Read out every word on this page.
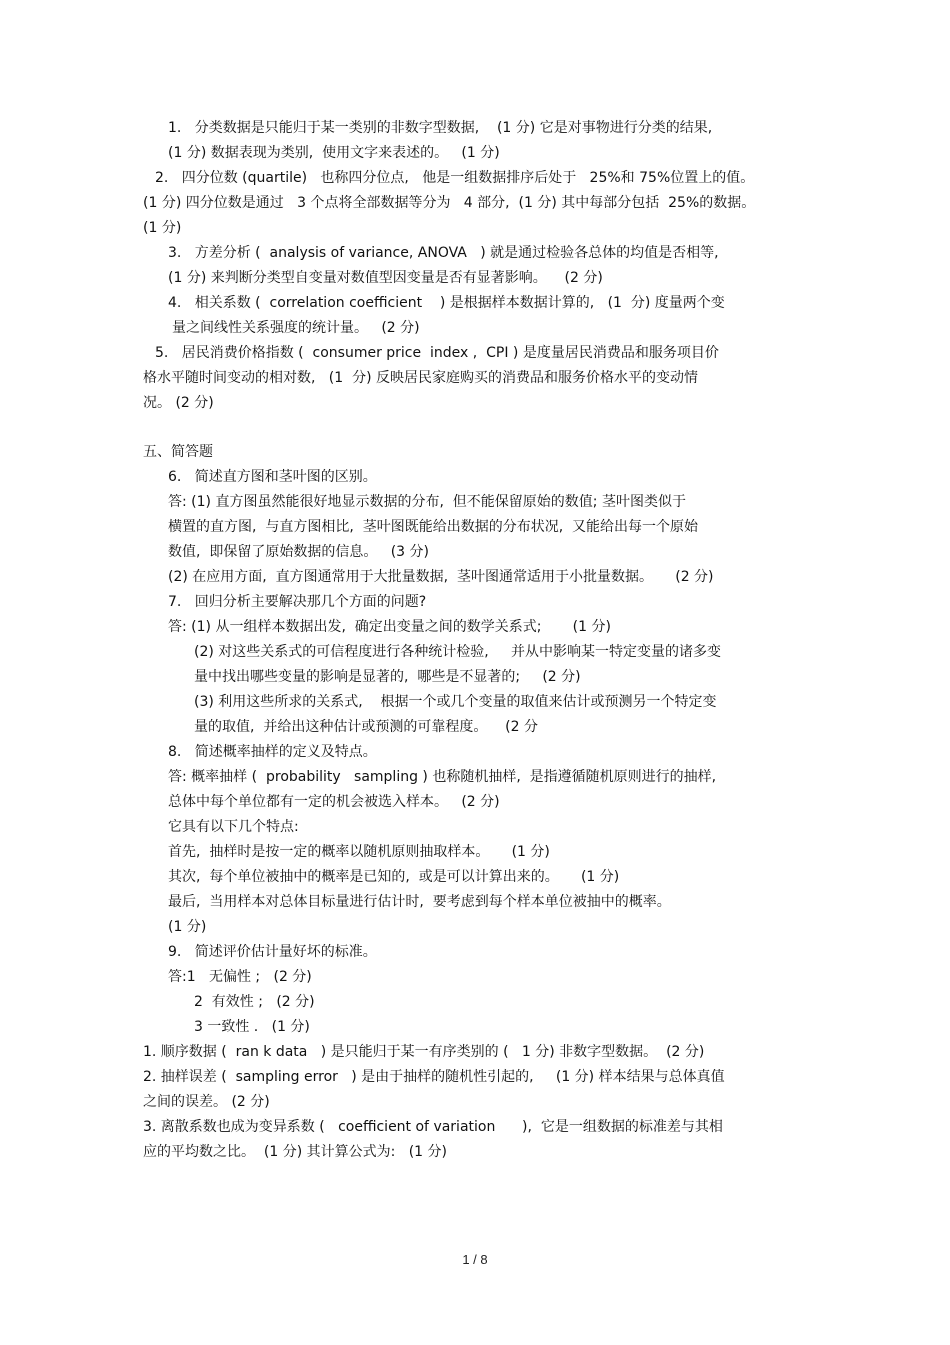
1.   分类数据是只能归于某一类别的非数字型数据,    (1 分) 它是对事物进行分类的结果,
(1 分) 数据表现为类别,  使用文字来表述的。   (1 分)
2.   四分位数 (quartile)   也称四分位点,   他是一组数据排序后处于   25%和 75%位置上的值。
(1 分) 四分位数是通过   3 个点将全部数据等分为   4 部分,  (1 分) 其中每部分包括  25%的数据。
(1 分)
3.   方差分析 (  analysis of variance, ANOVA   ) 就是通过检验各总体的均值是否相等,
(1 分) 来判断分类型自变量对数值型因变量是否有显著影响。    (2 分)
4.   相关系数 (  correlation coefficient    ) 是根据样本数据计算的,   (1  分) 度量两个变
量之间线性关系强度的统计量。   (2 分)
5.   居民消费价格指数 (  consumer price  index ,  CPI ) 是度量居民消费品和服务项目价
格水平随时间变动的相对数,   (1  分) 反映居民家庭购买的消费品和服务价格水平的变动情
况。 (2 分)
五、简答题
6.   简述直方图和茎叶图的区别。
答: (1) 直方图虽然能很好地显示数据的分布,  但不能保留原始的数值; 茎叶图类似于
横置的直方图,  与直方图相比,  茎叶图既能给出数据的分布状况,  又能给出每一个原始
数值,  即保留了原始数据的信息。   (3 分)
(2) 在应用方面,  直方图通常用于大批量数据,  茎叶图通常适用于小批量数据。     (2 分)
7.   回归分析主要解决那几个方面的问题?
答: (1) 从一组样本数据出发,  确定出变量之间的数学关系式;       (1 分)
(2) 对这些关系式的可信程度进行各种统计检验,     并从中影响某一特定变量的诸多变
量中找出哪些变量的影响是显著的,  哪些是不显著的;     (2 分)
(3) 利用这些所求的关系式,    根据一个或几个变量的取值来估计或预测另一个特定变
量的取值,  并给出这种估计或预测的可靠程度。    (2 分
8.   简述概率抽样的定义及特点。
答: 概率抽样 (  probability   sampling ) 也称随机抽样,  是指遵循随机原则进行的抽样,
总体中每个单位都有一定的机会被选入样本。   (2 分)
它具有以下几个特点:
首先,  抽样时是按一定的概率以随机原则抽取样本。     (1 分)
其次,  每个单位被抽中的概率是已知的,  或是可以计算出来的。     (1 分)
最后,  当用样本对总体目标量进行估计时,  要考虑到每个样本单位被抽中的概率。
(1 分)
9.   简述评价估计量好坏的标准。
答:1   无偏性 ;   (2 分)
2  有效性 ;   (2 分)
3 一致性 .   (1 分)
1. 顺序数据 (  ran k data   ) 是只能归于某一有序类别的 (   1 分) 非数字型数据。  (2 分)
2. 抽样误差 (  sampling error   ) 是由于抽样的随机性引起的,     (1 分) 样本结果与总体真值
之间的误差。 (2 分)
3. 离散系数也成为变异系数 (   coefficient of variation      ),  它是一组数据的标准差与其相
应的平均数之比。  (1 分) 其计算公式为:   (1 分)
1 / 8
